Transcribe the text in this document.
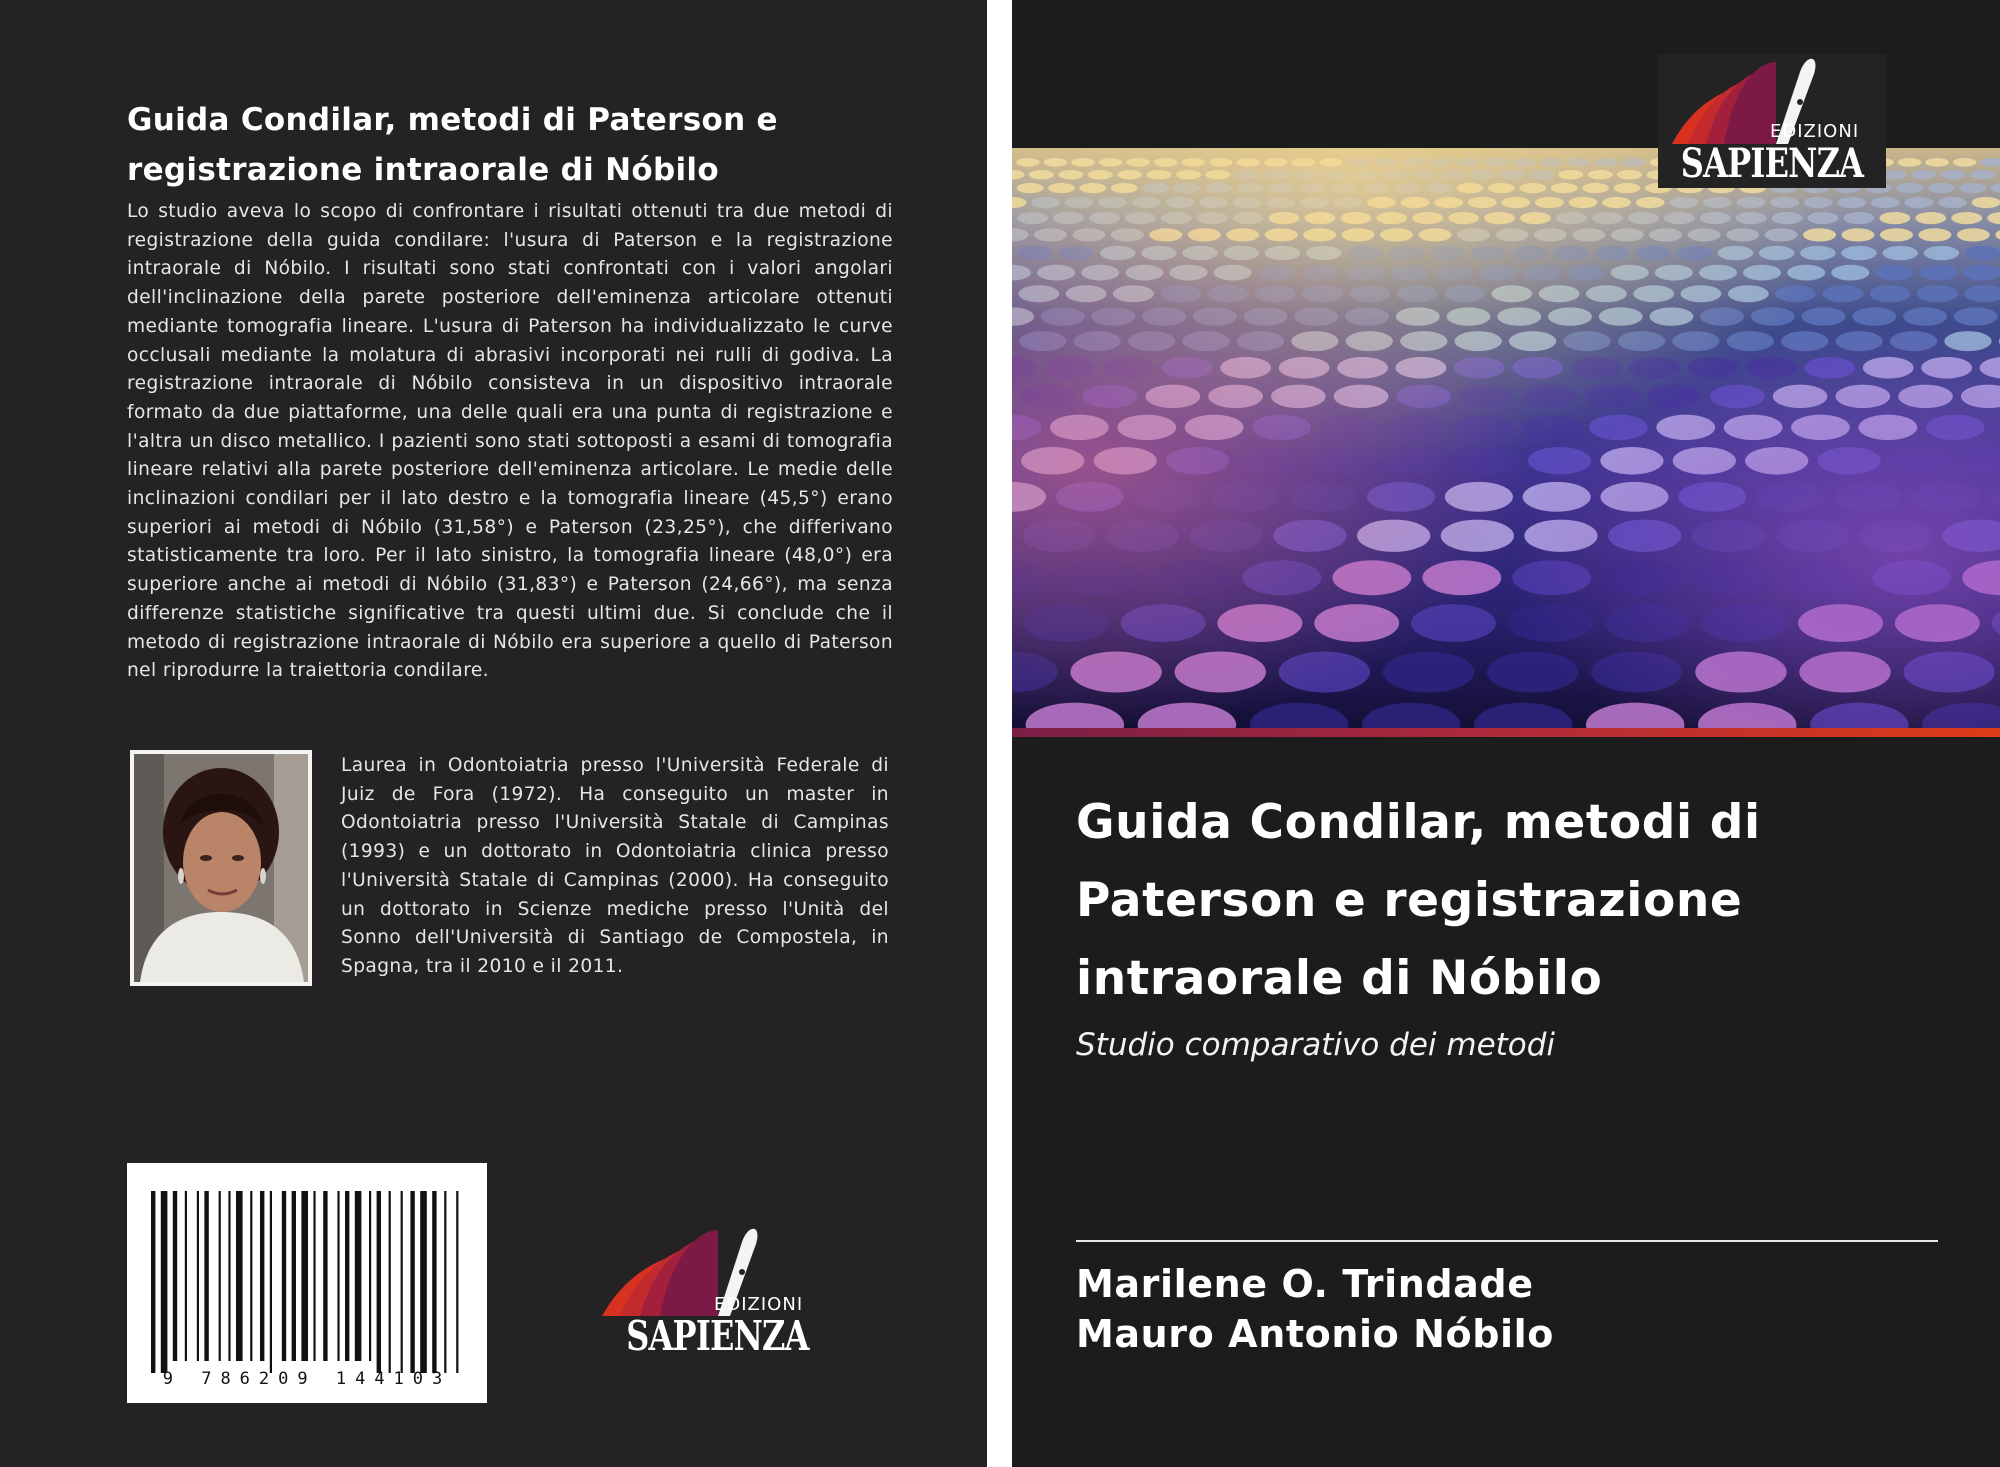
Guida Condilar, metodi di Paterson e registrazione intraorale di Nóbilo
Lo studio aveva lo scopo di confrontare i risultati ottenuti tra due metodi di registrazione della guida condilare: l'usura di Paterson e la registrazione intraorale di Nóbilo. I risultati sono stati confrontati con i valori angolari dell'inclinazione della parete posteriore dell'eminenza articolare ottenuti mediante tomografia lineare. L'usura di Paterson ha individualizzato le curve occlusali mediante la molatura di abrasivi incorporati nei rulli di godiva. La registrazione intraorale di Nóbilo consisteva in un dispositivo intraorale formato da due piattaforme, una delle quali era una punta di registrazione e l'altra un disco metallico. I pazienti sono stati sottoposti a esami di tomografia lineare relativi alla parete posteriore dell'eminenza articolare. Le medie delle inclinazioni condilari per il lato destro e la tomografia lineare (45,5°) erano superiori ai metodi di Nóbilo (31,58°) e Paterson (23,25°), che differivano statisticamente tra loro. Per il lato sinistro, la tomografia lineare (48,0°) era superiore anche ai metodi di Nóbilo (31,83°) e Paterson (24,66°), ma senza differenze statistiche significative tra questi ultimi due. Si conclude che il metodo di registrazione intraorale di Nóbilo era superiore a quello di Paterson nel riprodurre la traiettoria condilare.
Laurea in Odontoiatria presso l'Università Federale di Juiz de Fora (1972). Ha conseguito un master in Odontoiatria presso l'Università Statale di Campinas (1993) e un dottorato in Odontoiatria clinica presso l'Università Statale di Campinas (2000). Ha conseguito un dottorato in Scienze mediche presso l'Unità del Sonno dell'Università di Santiago de Compostela, in Spagna, tra il 2010 e il 2011.
9 786209 144103
EDIZIONI
SAPIENZA
EDIZIONI
SAPIENZA
Guida Condilar, metodi di Paterson e registrazione intraorale di Nóbilo
Studio comparativo dei metodi
Marilene O. Trindade
Mauro Antonio Nóbilo
